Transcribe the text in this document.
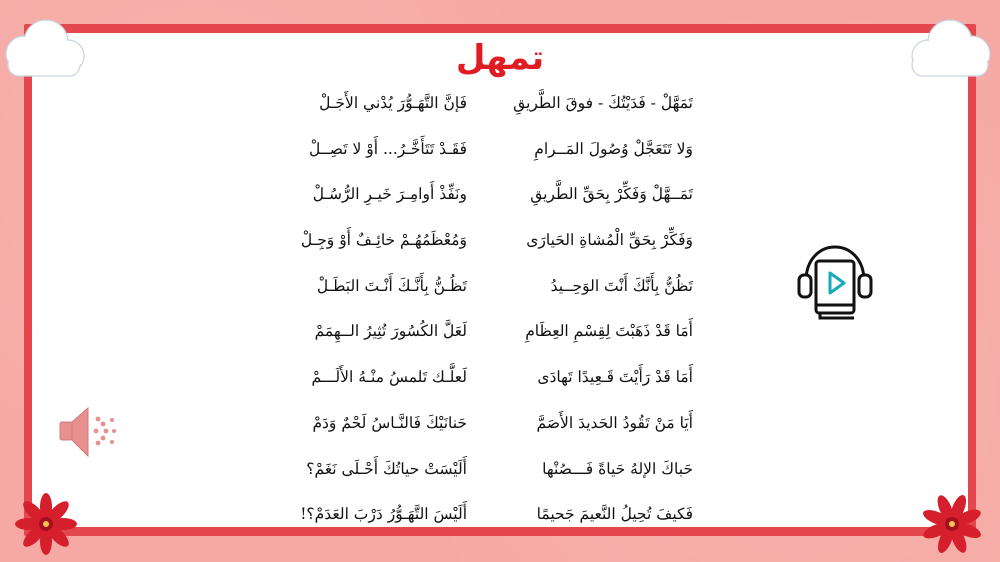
تمهل
تَمَهَّلْ - فَدَيْتُكَ - فوقَ الطَّريقِ
وَلا تَتَعَجَّلْ وُصُولَ المَــرامِ
تَمَــهَّلْ وَفَكِّرْ بِحَقِّ الطَّريقِ
وَفَكِّرْ بِحَقِّ الْمُشاةِ الحَيارَى
تَظُنُّ بِأَنَّكَ أَنْتَ الوَحِــيدُ
أَمَا قَدْ ذَهَبْتَ لِقِسْمِ العِظَامِ
أَمَا قَدْ رَأَيْتَ قَـعِيدًا تَهادَى
أَيَا مَنْ تَقُودُ الحَديدَ الأَصَمَّ
حَباكَ الإلهُ حَياةً فَـــصُنْها
فَكيفَ تُحِيلُ النَّعيمَ جَحيمًا
فَإنَّ التَّهَـوُّرَ يُدْني الأَجَـلْ
فَقَـدْ تَتَأَخَّـرُ... أَوْ لا تَصِــلْ
ونَفِّذْ أَوامِـرَ خَيـرِ الرُّسُـلْ
وَمُعْظَمُهُـمْ خائِـفٌ أَوْ وَجِـلْ
تَظُـنُّ بِأَنَّـكَ أَنْـتَ البَطَـلْ
لَعَلَّ الكُسُورَ تُثِيرُ الــهِمَمْ
لَعلَّـك تَلمسُ منْـهُ الأَلَـــمْ
حَنانَيْكَ فَالنَّـاسُ لَحْمٌ وَدَمْ
أَلَيْسَتْ حياتُكَ أَحْـلَى نَغَمْ؟
أَلَيْسَ التَّهَـوُّرُ دَرْبَ العَدَمْ؟!
